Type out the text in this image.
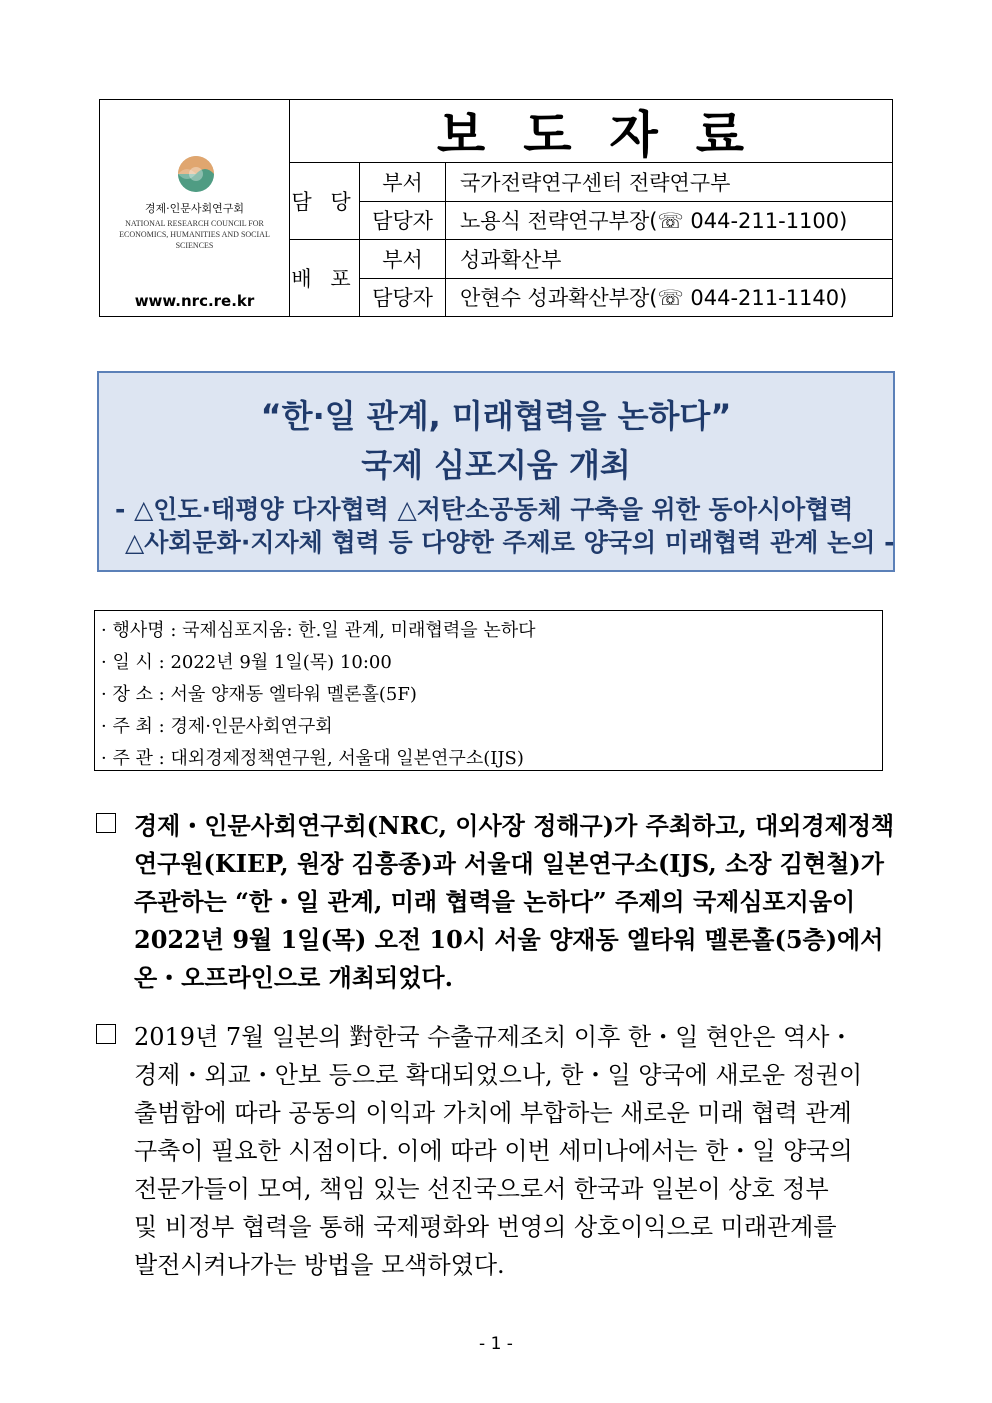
경제·인문사회연구회
NATIONAL RESEARCH COUNCIL FOR
ECONOMICS, HUMANITIES AND SOCIAL SCIENCES
www.nrc.re.kr
보도자료
담 당
부서	국가전략연구센터 전략연구부
담당자	노용식 전략연구부장(☏ 044-211-1100)
배 포
부서	성과확산부
담당자	안현수 성과확산부장(☏ 044-211-1140)
“한·일 관계, 미래협력을 논하다”
국제 심포지움 개최
- △인도·태평양 다자협력 △저탄소공동체 구축을 위한 동아시아협력
△사회문화·지자체 협력 등 다양한 주제로 양국의 미래협력 관계 논의 -
· 행사명 : 국제심포지움: 한.일 관계, 미래협력을 논하다
· 일 시 : 2022년 9월 1일(목) 10:00
· 장 소 : 서울 양재동 엘타워 멜론홀(5F)
· 주 최 : 경제·인문사회연구회
· 주 관 : 대외경제정책연구원, 서울대 일본연구소(IJS)
경제・인문사회연구회(NRC, 이사장 정해구)가 주최하고, 대외경제정책
연구원(KIEP, 원장 김흥종)과 서울대 일본연구소(IJS, 소장 김현철)가
주관하는 “한・일 관계, 미래 협력을 논하다” 주제의 국제심포지움이
2022년 9월 1일(목) 오전 10시 서울 양재동 엘타워 멜론홀(5층)에서
온・오프라인으로 개최되었다.
2019년 7월 일본의 對한국 수출규제조치 이후 한・일 현안은 역사・
경제・외교・안보 등으로 확대되었으나, 한・일 양국에 새로운 정권이
출범함에 따라 공동의 이익과 가치에 부합하는 새로운 미래 협력 관계
구축이 필요한 시점이다. 이에 따라 이번 세미나에서는 한・일 양국의
전문가들이 모여, 책임 있는 선진국으로서 한국과 일본이 상호 정부
및 비정부 협력을 통해 국제평화와 번영의 상호이익으로 미래관계를
발전시켜나가는 방법을 모색하였다.
- 1 -
